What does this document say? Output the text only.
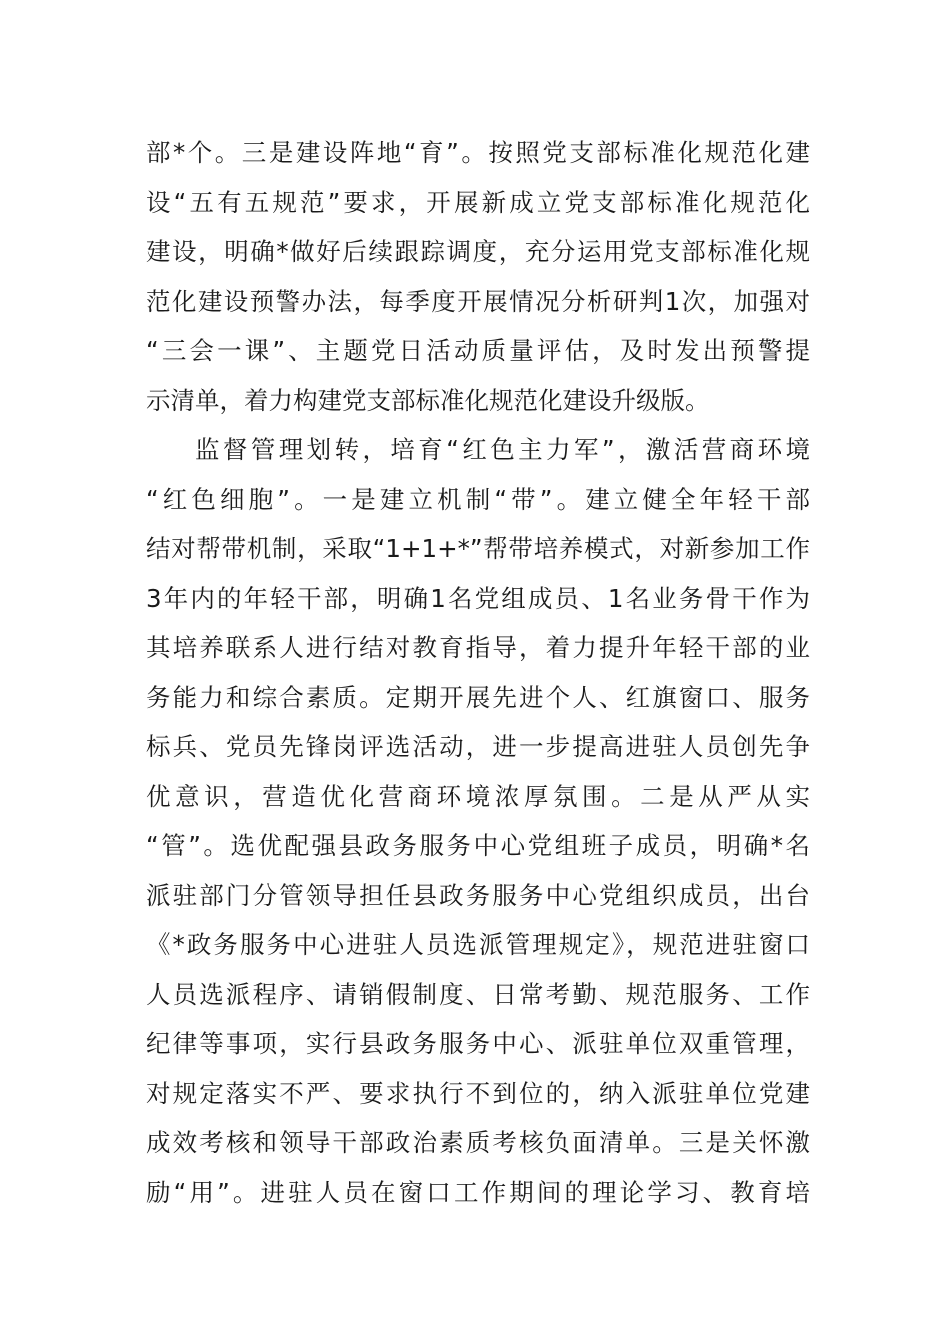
部*个。三是建设阵地“育”。按照党支部标准化规范化建
设“五有五规范”要求，开展新成立党支部标准化规范化
建设，明确*做好后续跟踪调度，充分运用党支部标准化规
范化建设预警办法，每季度开展情况分析研判1次，加强对
“三会一课”、主题党日活动质量评估，及时发出预警提
示清单，着力构建党支部标准化规范化建设升级版。
监督管理划转，培育“红色主力军”，激活营商环境
“红色细胞”。一是建立机制“带”。建立健全年轻干部
结对帮带机制，采取“1+1+*”帮带培养模式，对新参加工作
3年内的年轻干部，明确1名党组成员、1名业务骨干作为
其培养联系人进行结对教育指导，着力提升年轻干部的业
务能力和综合素质。定期开展先进个人、红旗窗口、服务
标兵、党员先锋岗评选活动，进一步提高进驻人员创先争
优意识，营造优化营商环境浓厚氛围。二是从严从实
“管”。选优配强县政务服务中心党组班子成员，明确*名
派驻部门分管领导担任县政务服务中心党组织成员，出台
《*政务服务中心进驻人员选派管理规定》，规范进驻窗口
人员选派程序、请销假制度、日常考勤、规范服务、工作
纪律等事项，实行县政务服务中心、派驻单位双重管理，
对规定落实不严、要求执行不到位的，纳入派驻单位党建
成效考核和领导干部政治素质考核负面清单。三是关怀激
励“用”。进驻人员在窗口工作期间的理论学习、教育培
